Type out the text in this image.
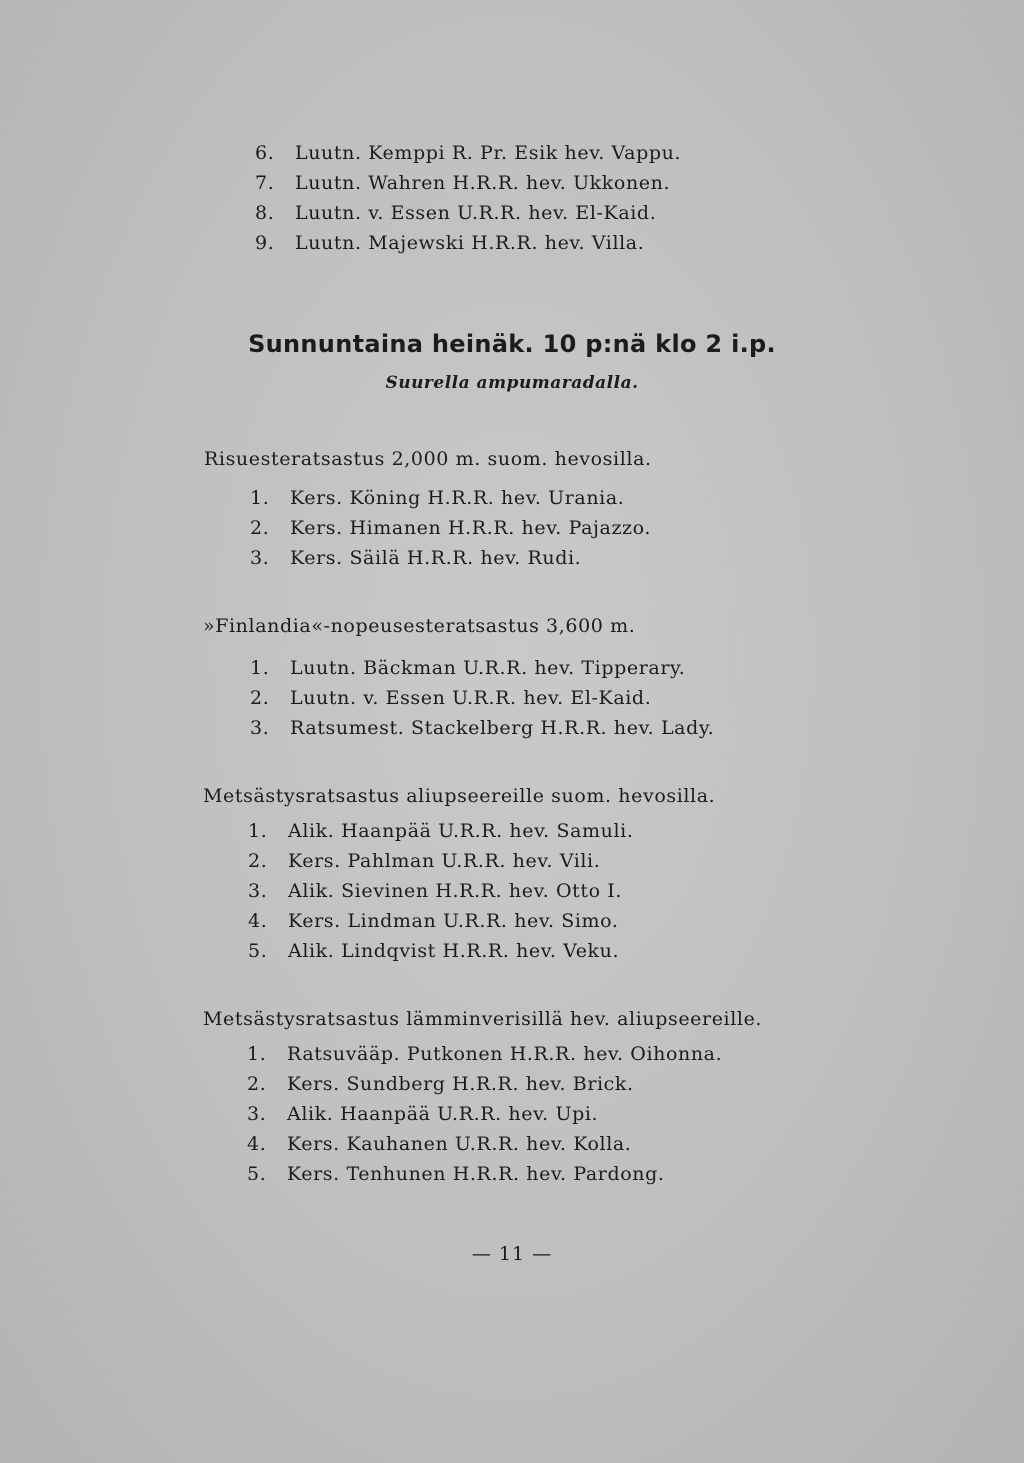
6.	Luutn. Kemppi R. Pr. Esik hev. Vappu.
7.	Luutn. Wahren H.R.R. hev. Ukkonen.
8.	Luutn. v. Essen U.R.R. hev. El-Kaid.
9.	Luutn. Majewski H.R.R. hev. Villa.
Sunnuntaina heinäk. 10 p:nä klo 2 i.p.
Suurella ampumaradalla.
Risuesteratsastus 2,000 m. suom. hevosilla.
1.	Kers. Köning H.R.R. hev. Urania.
2.	Kers. Himanen H.R.R. hev. Pajazzo.
3.	Kers. Säilä H.R.R. hev. Rudi.
»Finlandia«-nopeusesteratsastus 3,600 m.
1.	Luutn. Bäckman U.R.R. hev. Tipperary.
2.	Luutn. v. Essen U.R.R. hev. El-Kaid.
3.	Ratsumest. Stackelberg H.R.R. hev. Lady.
Metsästysratsastus aliupseereille suom. hevosilla.
1.	Alik. Haanpää U.R.R. hev. Samuli.
2.	Kers. Pahlman U.R.R. hev. Vili.
3.	Alik. Sievinen H.R.R. hev. Otto I.
4.	Kers. Lindman U.R.R. hev. Simo.
5.	Alik. Lindqvist H.R.R. hev. Veku.
Metsästysratsastus lämminverisillä hev. aliupseereille.
1.	Ratsuvääp. Putkonen H.R.R. hev. Oihonna.
2.	Kers. Sundberg H.R.R. hev. Brick.
3.	Alik. Haanpää U.R.R. hev. Upi.
4.	Kers. Kauhanen U.R.R. hev. Kolla.
5.	Kers. Tenhunen H.R.R. hev. Pardong.
— 11 —
